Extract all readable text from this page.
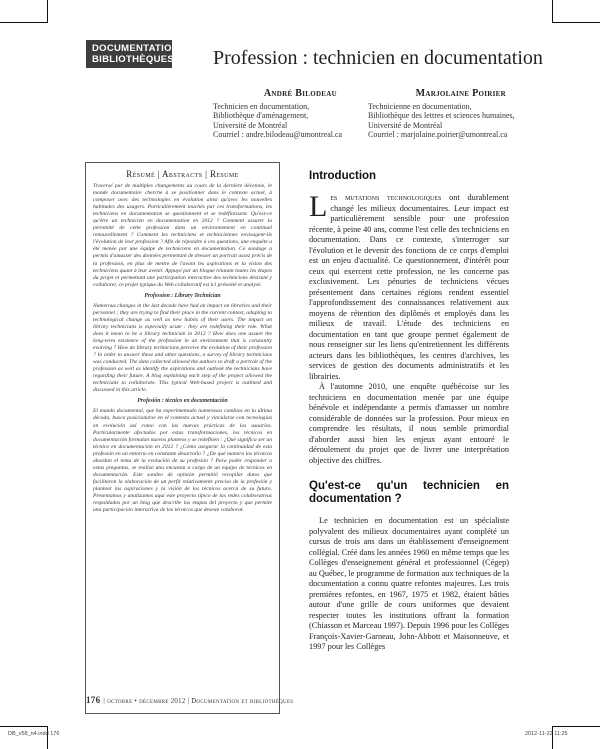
DOCUMENTATION
BIBLIOTHÈQUES Profession : technicien en documentation
André Bilodeau
Technicien en documentation,
Bibliothèque d'aménagement,
Université de Montréal
Courriel : andre.bilodeau@umontreal.ca
Marjolaine Poirier
Technicienne en documentation,
Bibliothèque des lettres et sciences humaines,
Université de Montréal
Courriel : marjolaine.poirier@umontreal.ca
Résumé | Abstracts | Resume

Traversé par de multiples changements au cours de la dernière décennie, le monde documentaire cherche à se positionner dans le contexte actuel, à composer avec des technologies en évolution ainsi qu'avec les nouvelles habitudes des usagers. Particulièrement touchés par ces transformations, les techniciens en documentation se questionnent et se redéfinissent. Qu'est-ce qu'être un technicien en documentation en 2012 ? Comment assurer la pérennité de cette profession dans un environnement en continuel renouvellement ? Comment les techniciens et techniciennes envisagent-ils l'évolution de leur profession ? Afin de répondre à ces questions, une enquête a été menée par une équipe de techniciens en documentation. Ce sondage a permis d'amasser des données permettant de dresser un portrait assez précis de la profession, en plus de mettre de l'avant les aspirations et la vision des techniciens quant à leur avenir. Appuyé par un blogue relatant toutes les étapes du projet et permettant une participation interactive des techniciens désirant y collaborer, ce projet typique du Web collaboratif est ici présenté et analysé.

Profession : Library Technician

Numerous changes in the last decade have had an impact on libraries and their personnel ; they are trying to find their place in the current context, adapting to technological change as well as new habits of their users. The impact on library technicians is especially acute : they are redefining their role. What does it mean to be a library technician in 2012 ? How does one assure the long-term existence of the profession in an environment that is constantly evolving ? How do library technicians perceive the evolution of their profession ? In order to answer these and other questions, a survey of library technicians was conducted. The data collected allowed the authors to draft a portrait of the profession as well as identify the aspirations and outlook the technicians have regarding their future. A blog explaining each step of the project allowed the technicians to collaborate. This typical Web-based project is outlined and discussed in this article.

Profesión : técnico en documentación

El mundo documental, que ha experimentado numerosos cambios en la última década, busca posicionarse en el contexto actual y vincularse con tecnologías en evolución así como con las nuevas prácticas de los usuarios. Particularmente afectados por estas transformaciones, los técnicos en documentación formulan nuevos planteos y se redefinen : ¿Qué significa ser un técnico en documentación en 2012 ? ¿Cómo asegurar la continuidad de esta profesión en un entorno en constante desarrollo ? ¿De qué manera los técnicos abordan el tema de la evolución de su profesión ? Para poder responder a estas preguntas, se realizó una encuesta a cargo de un equipo de técnicos en documentación. Este sondeo de opinión permitió recopilar datos que facilitaron la elaboración de un perfil relativamente preciso de la profesión y plantear las aspiraciones y la visión de los técnicos acerca de su futuro. Presentamos y analizamos aquí este proyecto típico de las redes colaborativas respaldados por un blog que describe las etapas del proyecto y que permite una participación interactiva de los técnicos que desean colaborar.

Introduction

Les mutations technologiques ont durablement changé les milieux documentaires. Leur impact est particulièrement sensible pour une profession récente, à peine 40 ans, comme l'est celle des techniciens en documentation. Dans ce contexte, s'interroger sur l'évolution et le devenir des fonctions de ce corps d'emploi est un enjeu d'actualité. Ce questionnement, d'intérêt pour ceux qui exercent cette profession, ne les concerne pas exclusivement. Les pénuries de techniciens vécues présentement dans certaines régions rendent essentiel l'approfondissement des connaissances relativement aux moyens de rétention des diplômés et employés dans les milieux de travail. L'étude des techniciens en documentation en tant que groupe permet également de nous renseigner sur les liens qu'entretiennent les différents acteurs dans les bibliothèques, les centres d'archives, les services de gestion des documents administratifs et les librairies.

À l'automne 2010, une enquête québécoise sur les techniciens en documentation menée par une équipe bénévole et indépendante a permis d'amasser un nombre considérable de données sur la profession. Pour mieux en comprendre les résultats, il nous semble primordial d'aborder aussi bien les enjeux ayant entouré le déroulement du projet que de livrer une interprétation objective des chiffres.

Qu'est-ce qu'un technicien en documentation ?

Le technicien en documentation est un spécialiste polyvalent des milieux documentaires ayant complété un cursus de trois ans dans un établissement d'enseignement collégial. Créé dans les années 1960 en même temps que les Collèges d'enseignement général et professionnel (Cégep) au Québec, le programme de formation aux techniques de la documentation a connu quatre refontes majeures. Les trois premières refontes, en 1967, 1975 et 1982, étaient bâties autour d'une grille de cours uniformes que devaient respecter toutes les institutions offrant la formation (Chiasson et Marceau 1997). Depuis 1996 pour les Collèges François-Xavier-Garneau, John-Abbott et Maisonneuve, et 1997 pour les Collèges

176 | octobre • décembre 2012 | Documentation et bibliothèques
DB_v58_n4.indd 176	2012-11-22 11:25
